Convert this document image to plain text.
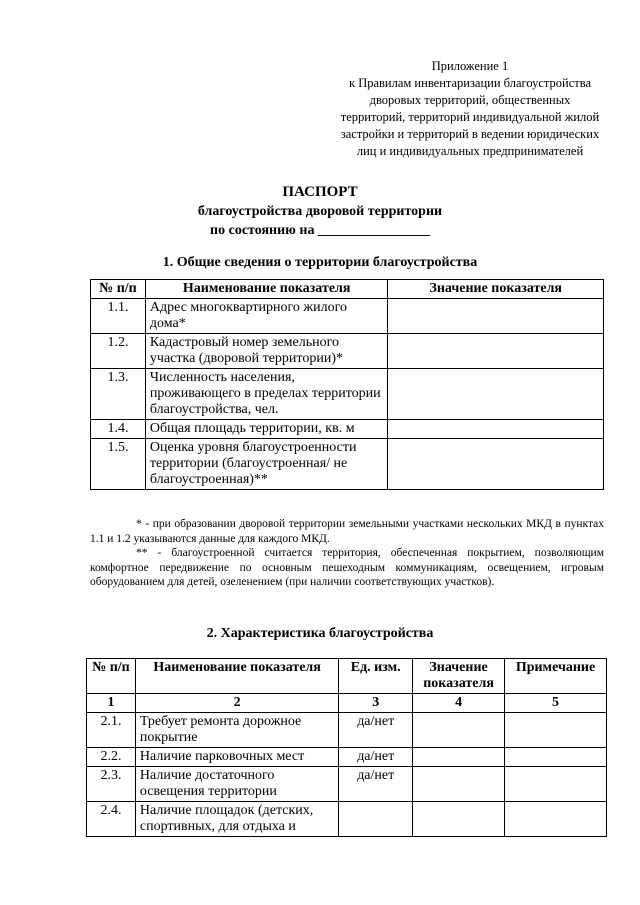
Приложение 1
к Правилам инвентаризации благоустройства
дворовых территорий, общественных
территорий, территорий индивидуальной жилой
застройки и территорий в ведении юридических
лиц и индивидуальных предпринимателей
ПАСПОРТ
благоустройства дворовой территории
по состоянию на ________________
1. Общие сведения о территории благоустройства
№ п/п	Наименование показателя	Значение показателя
1.1.	Адрес многоквартирного жилого дома*	
1.2.	Кадастровый номер земельного участка (дворовой территории)*	
1.3.	Численность населения, проживающего в пределах территории благоустройства, чел.	
1.4.	Общая площадь территории, кв. м	
1.5.	Оценка уровня благоустроенности территории (благоустроенная/ не благоустроенная)**	

* - при образовании дворовой территории земельными участками нескольких МКД в пунктах 1.1 и 1.2 указываются данные для каждого МКД.

** - благоустроенной считается территория, обеспеченная покрытием, позволяющим комфортное передвижение по основным пешеходным коммуникациям, освещением, игровым оборудованием для детей, озеленением (при наличии соответствующих участков).

2. Характеристика благоустройства
№ п/п	Наименование показателя	Ед. изм.	Значение показателя	Примечание
1	2	3	4	5
2.1.	Требует ремонта дорожное покрытие	да/нет		
2.2.	Наличие парковочных мест	да/нет		
2.3.	Наличие достаточного освещения территории	да/нет		
2.4.	Наличие площадок (детских, спортивных, для отдыха и			
